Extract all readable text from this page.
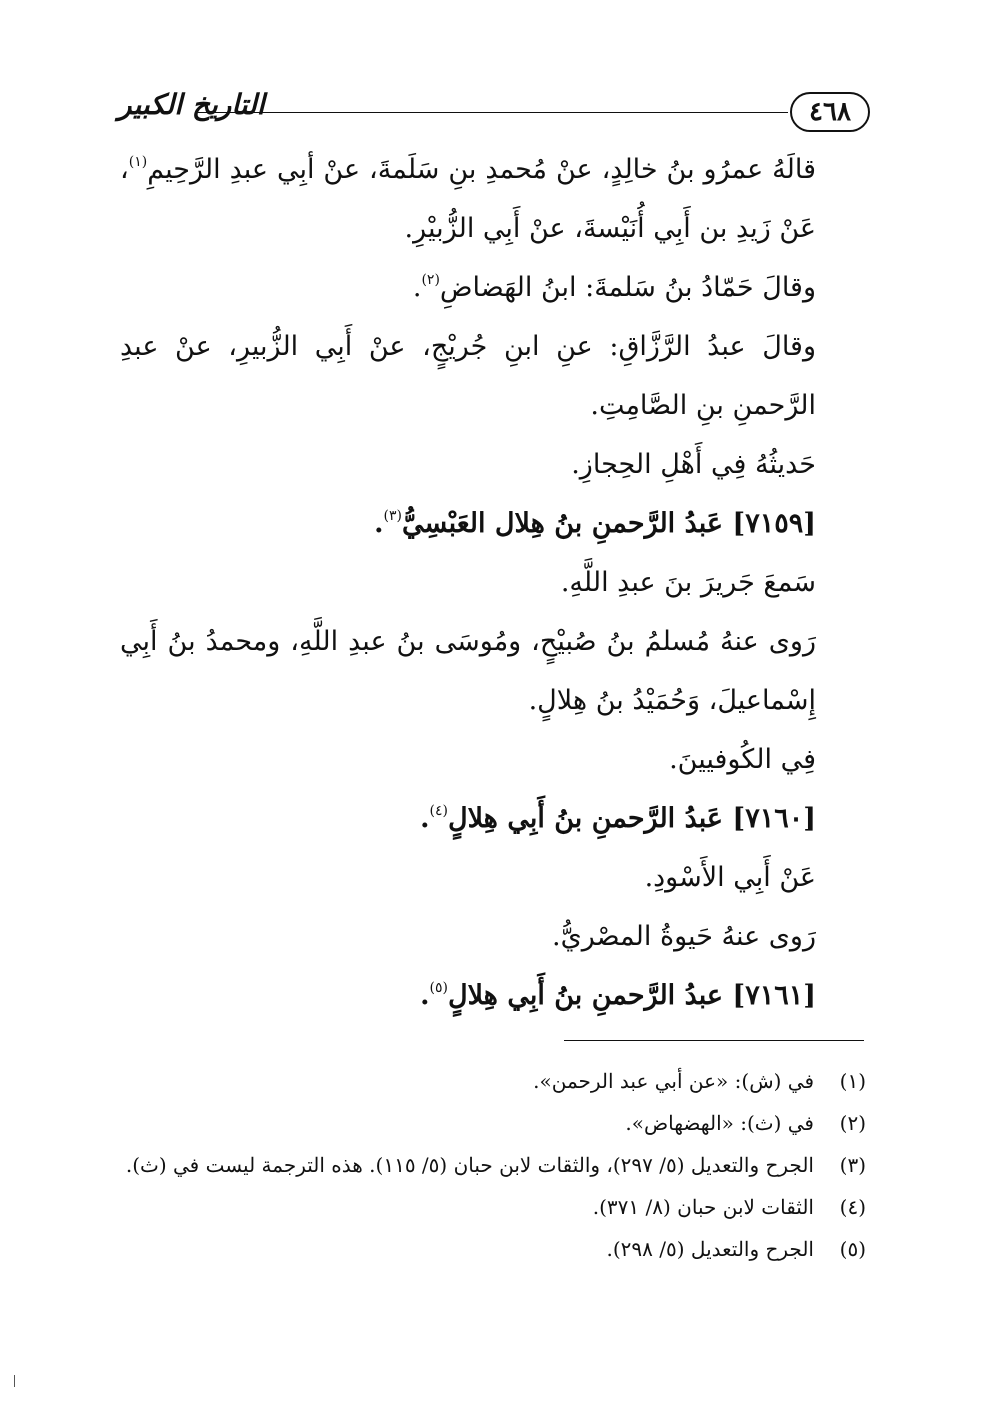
٤٦٨
التاريخ الكبير

قالَهُ عمرُو بنُ خالِدٍ، عنْ مُحمدِ بنِ سَلَمةَ، عنْ أبِي عبدِ الرَّحِيمِ$^{(١)}$، عَنْ زَيدِ بن أَبِي أُنَيْسةَ، عنْ أَبِي الزُّبيْرِ.

وقالَ حَمّادُ بنُ سَلمةَ: ابنُ الهَضاضِ$^{(٢)}$.

وقالَ عبدُ الرَّزَّاقِ: عنِ ابنِ جُريْجٍ، عنْ أَبِي الزُّبيرِ، عنْ عبدِ الرَّحمنِ بنِ الصَّامِتِ.

حَديثُهُ فِي أَهْلِ الحِجازِ.

[٧١٥٩] عَبدُ الرَّحمنِ بنُ هِلال العَبْسِيُّ$^{(٣)}$.

سَمعَ جَريرَ بنَ عبدِ اللَّهِ.

رَوى عنهُ مُسلمُ بنُ صُبيْحٍ، ومُوسَى بنُ عبدِ اللَّهِ، ومحمدُ بنُ أَبِي إِسْماعيلَ، وَحُمَيْدُ بنُ هِلالٍ.

فِي الكُوفيينَ.

[٧١٦٠] عَبدُ الرَّحمنِ بنُ أَبِي هِلالٍ$^{(٤)}$.

عَنْ أَبِي الأَسْودِ.

رَوى عنهُ حَيوةُ المصْريُّ.

[٧١٦١] عبدُ الرَّحمنِ بنُ أَبِي هِلالٍ$^{(٥)}$.

(١)
في (ش): «عن أبي عبد الرحمن».
(٢)
في (ث): «الهضهاض».
(٣)
الجرح والتعديل (٥/ ٢٩٧)، والثقات لابن حبان (٥/ ١١٥). هذه الترجمة ليست في (ث).
(٤)
الثقات لابن حبان (٨/ ٣٧١).
(٥)
الجرح والتعديل (٥/ ٢٩٨).
